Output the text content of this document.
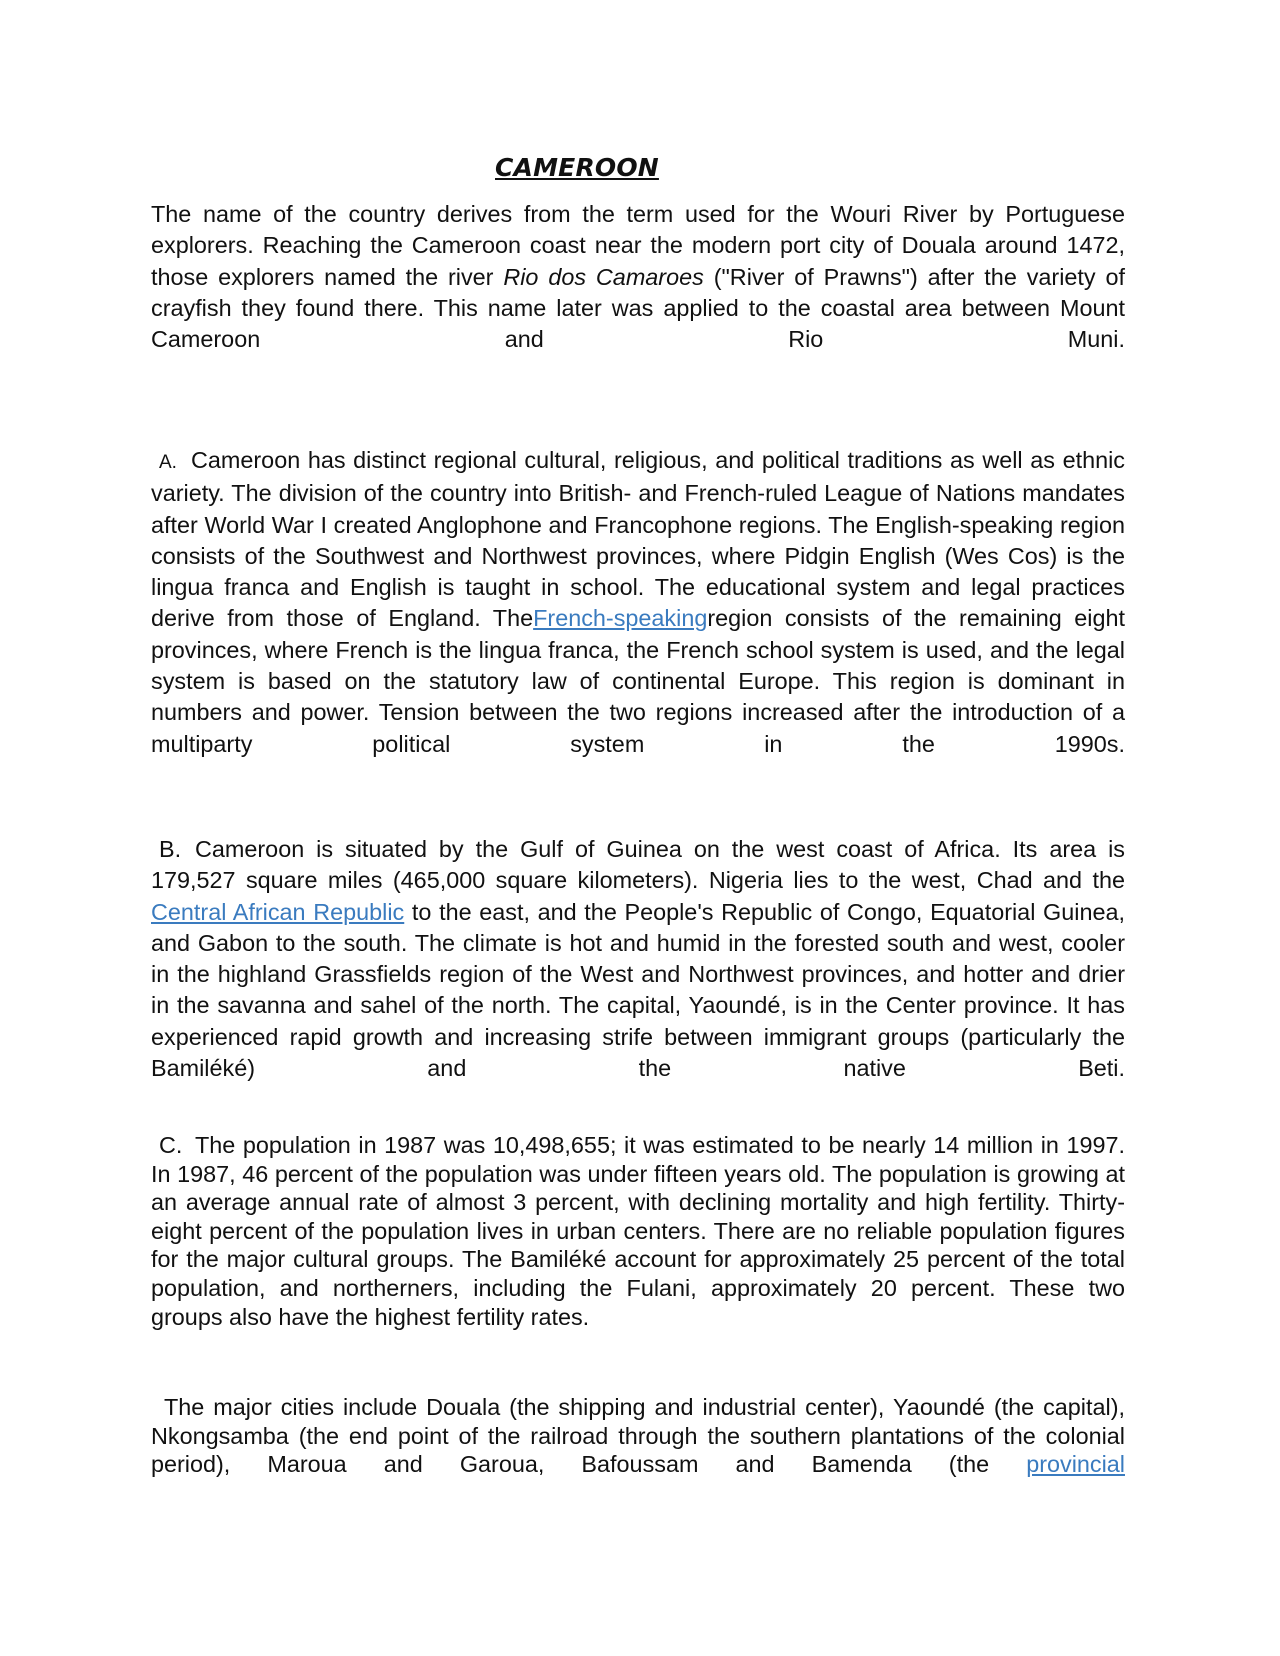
CAMEROON

The name of the country derives from the term used for the Wouri River by Portuguese explorers. Reaching the Cameroon coast near the modern port city of Douala around 1472, those explorers named the river Rio dos Camaroes ("River of Prawns") after the variety of crayfish they found there. This name later was applied to the coastal area between Mount Cameroon and Rio Muni.

A. Cameroon has distinct regional cultural, religious, and political traditions as well as ethnic variety. The division of the country into British- and French-ruled League of Nations mandates after World War I created Anglophone and Francophone regions. The English-speaking region consists of the Southwest and Northwest provinces, where Pidgin English (Wes Cos) is the lingua franca and English is taught in school. The educational system and legal practices derive from those of England. TheFrench-speakingregion consists of the remaining eight provinces, where French is the lingua franca, the French school system is used, and the legal system is based on the statutory law of continental Europe. This region is dominant in numbers and power. Tension between the two regions increased after the introduction of a multiparty political system in the 1990s.

B. Cameroon is situated by the Gulf of Guinea on the west coast of Africa. Its area is 179,527 square miles (465,000 square kilometers). Nigeria lies to the west, Chad and the Central African Republic to the east, and the People's Republic of Congo, Equatorial Guinea, and Gabon to the south. The climate is hot and humid in the forested south and west, cooler in the highland Grassfields region of the West and Northwest provinces, and hotter and drier in the savanna and sahel of the north. The capital, Yaoundé, is in the Center province. It has experienced rapid growth and increasing strife between immigrant groups (particularly the Bamiléké) and the native Beti.

C. The population in 1987 was 10,498,655; it was estimated to be nearly 14 million in 1997. In 1987, 46 percent of the population was under fifteen years old. The population is growing at an average annual rate of almost 3 percent, with declining mortality and high fertility. Thirty-eight percent of the population lives in urban centers. There are no reliable population figures for the major cultural groups. The Bamiléké account for approximately 25 percent of the total population, and northerners, including the Fulani, approximately 20 percent. These two groups also have the highest fertility rates.

The major cities include Douala (the shipping and industrial center), Yaoundé (the capital), Nkongsamba (the end point of the railroad through the southern plantations of the colonial period), Maroua and Garoua, Bafoussam and Bamenda (the provincial
